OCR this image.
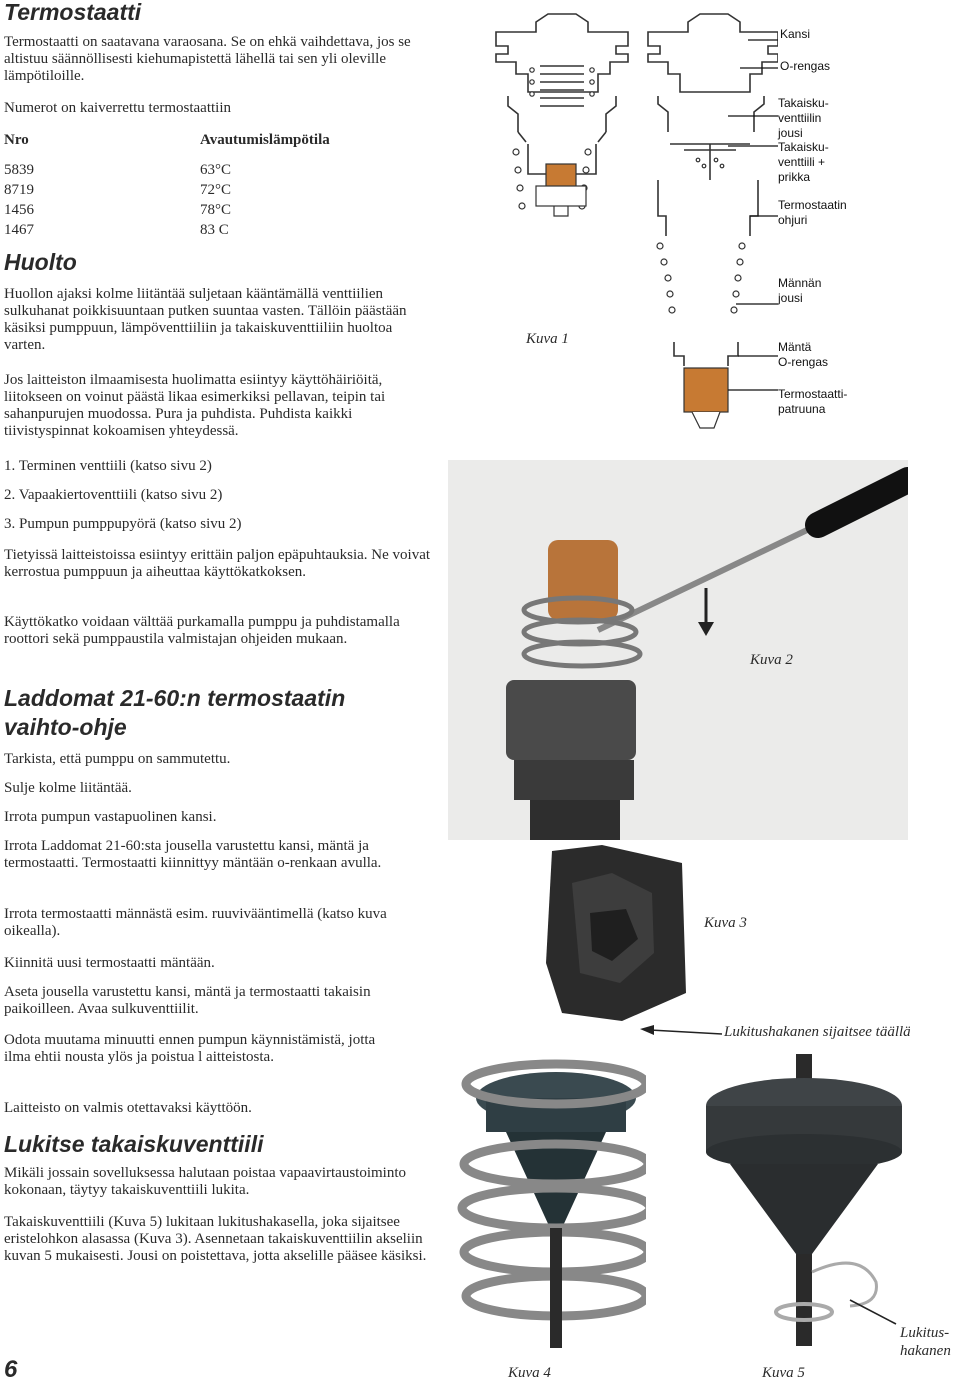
Termostaatti

Termostaatti on saatavana varaosana. Se on ehkä vaihdettava, jos se altistuu säännöllisesti kiehumapistettä lähellä tai sen yli oleville lämpötiloille.

Numerot on kaiverrettu termostaattiin

Nro	Avautumislämpötila
5839	63°C
8719	72°C
1456	78°C
1467	83 C
Huolto

Huollon ajaksi kolme liitäntää suljetaan kääntämällä venttiilien sulkuhanat poikkisuuntaan putken suuntaa vasten. Tällöin päästään käsiksi pumppuun, lämpöventtiiliin ja takaiskuventtiiliin huoltoa varten.

Jos laitteiston ilmaamisesta huolimatta esiintyy käyttöhäiriöitä, liitokseen on voinut päästä likaa esimerkiksi pellavan, teipin tai sahanpurujen muodossa. Pura ja puhdista. Puhdista kaikki tiivistyspinnat kokoamisen yhteydessä.

1. Terminen venttiili (katso sivu 2)

2. Vapaakiertoventtiili (katso sivu 2)

3. Pumpun pumppupyörä (katso sivu 2)

Tietyissä laitteistoissa esiintyy erittäin paljon epäpuhtauksia. Ne voivat kerrostua pumppuun ja aiheuttaa käyttökatkoksen.

Käyttökatko voidaan välttää purkamalla pumppu ja puhdistamalla roottori sekä pumppaustila valmistajan ohjeiden mukaan.

Laddomat 21-60:n termostaatin
vaihto-ohje

Tarkista, että pumppu on sammutettu.

Sulje kolme liitäntää.

Irrota pumpun vastapuolinen kansi.

Irrota Laddomat 21-60:sta jousella varustettu kansi, mäntä ja termostaatti. Termostaatti kiinnittyy mäntään o-renkaan avulla.

Irrota termostaatti männästä esim. ruuvivääntimellä (katso kuva oikealla).

Kiinnitä uusi termostaatti mäntään.

Aseta jousella varustettu kansi, mäntä ja termostaatti takaisin paikoilleen. Avaa sulkuventtiilit.

Odota muutama minuutti ennen pumpun käynnistämistä, jotta ilma ehtii nousta ylös ja poistua l aitteistosta.

Laitteisto on valmis otettavaksi käyttöön.

Lukitse takaiskuventtiili

Mikäli jossain sovelluksessa halutaan poistaa vapaavirtaustoiminto kokonaan, täytyy takaiskuventtiili lukita.

Takaiskuventtiili (Kuva 5) lukitaan lukitushakasella, joka sijaitsee eristelohkon alasassa (Kuva 3). Asennetaan takaiskuventtiilin akseliin kuvan 5 mukaisesti. Jousi on poistettava, jotta akselille pääsee käsiksi.

Kansi
O-rengas
Takaisku-
venttiilin
jousi
Takaisku-
venttiili +
prikka
Termostaatin
ohjuri
Männän
jousi
Mäntä
O-rengas
Termostaatti-
patruuna
Kuva 1
Kuva 2
Kuva 3
Lukitushakanen sijaitsee täällä
Lukitus-
hakanen
Kuva 4	Kuva 5
6
